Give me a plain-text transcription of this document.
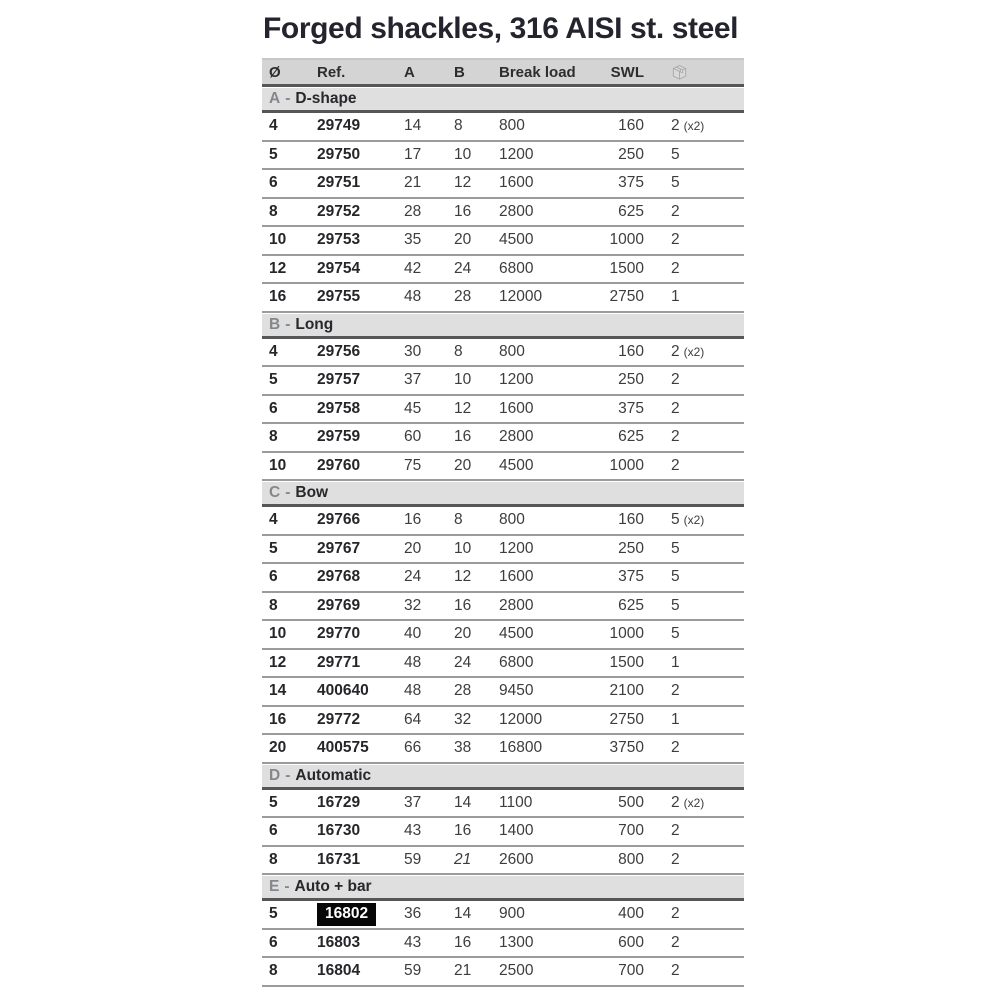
Forged shackles, 316 AISI st. steel
Ø	Ref.	A	B	Break load	SWL
A - D-shape
4	29749	14	8	800	160	2 (x2)
5	29750	17	10	1200	250	5
6	29751	21	12	1600	375	5
8	29752	28	16	2800	625	2
10	29753	35	20	4500	1000	2
12	29754	42	24	6800	1500	2
16	29755	48	28	12000	2750	1
B - Long
4	29756	30	8	800	160	2 (x2)
5	29757	37	10	1200	250	2
6	29758	45	12	1600	375	2
8	29759	60	16	2800	625	2
10	29760	75	20	4500	1000	2
C - Bow
4	29766	16	8	800	160	5 (x2)
5	29767	20	10	1200	250	5
6	29768	24	12	1600	375	5
8	29769	32	16	2800	625	5
10	29770	40	20	4500	1000	5
12	29771	48	24	6800	1500	1
14	400640	48	28	9450	2100	2
16	29772	64	32	12000	2750	1
20	400575	66	38	16800	3750	2
D - Automatic
5	16729	37	14	1100	500	2 (x2)
6	16730	43	16	1400	700	2
8	16731	59	21	2600	800	2
E - Auto + bar
5	16802	36	14	900	400	2
6	16803	43	16	1300	600	2
8	16804	59	21	2500	700	2
